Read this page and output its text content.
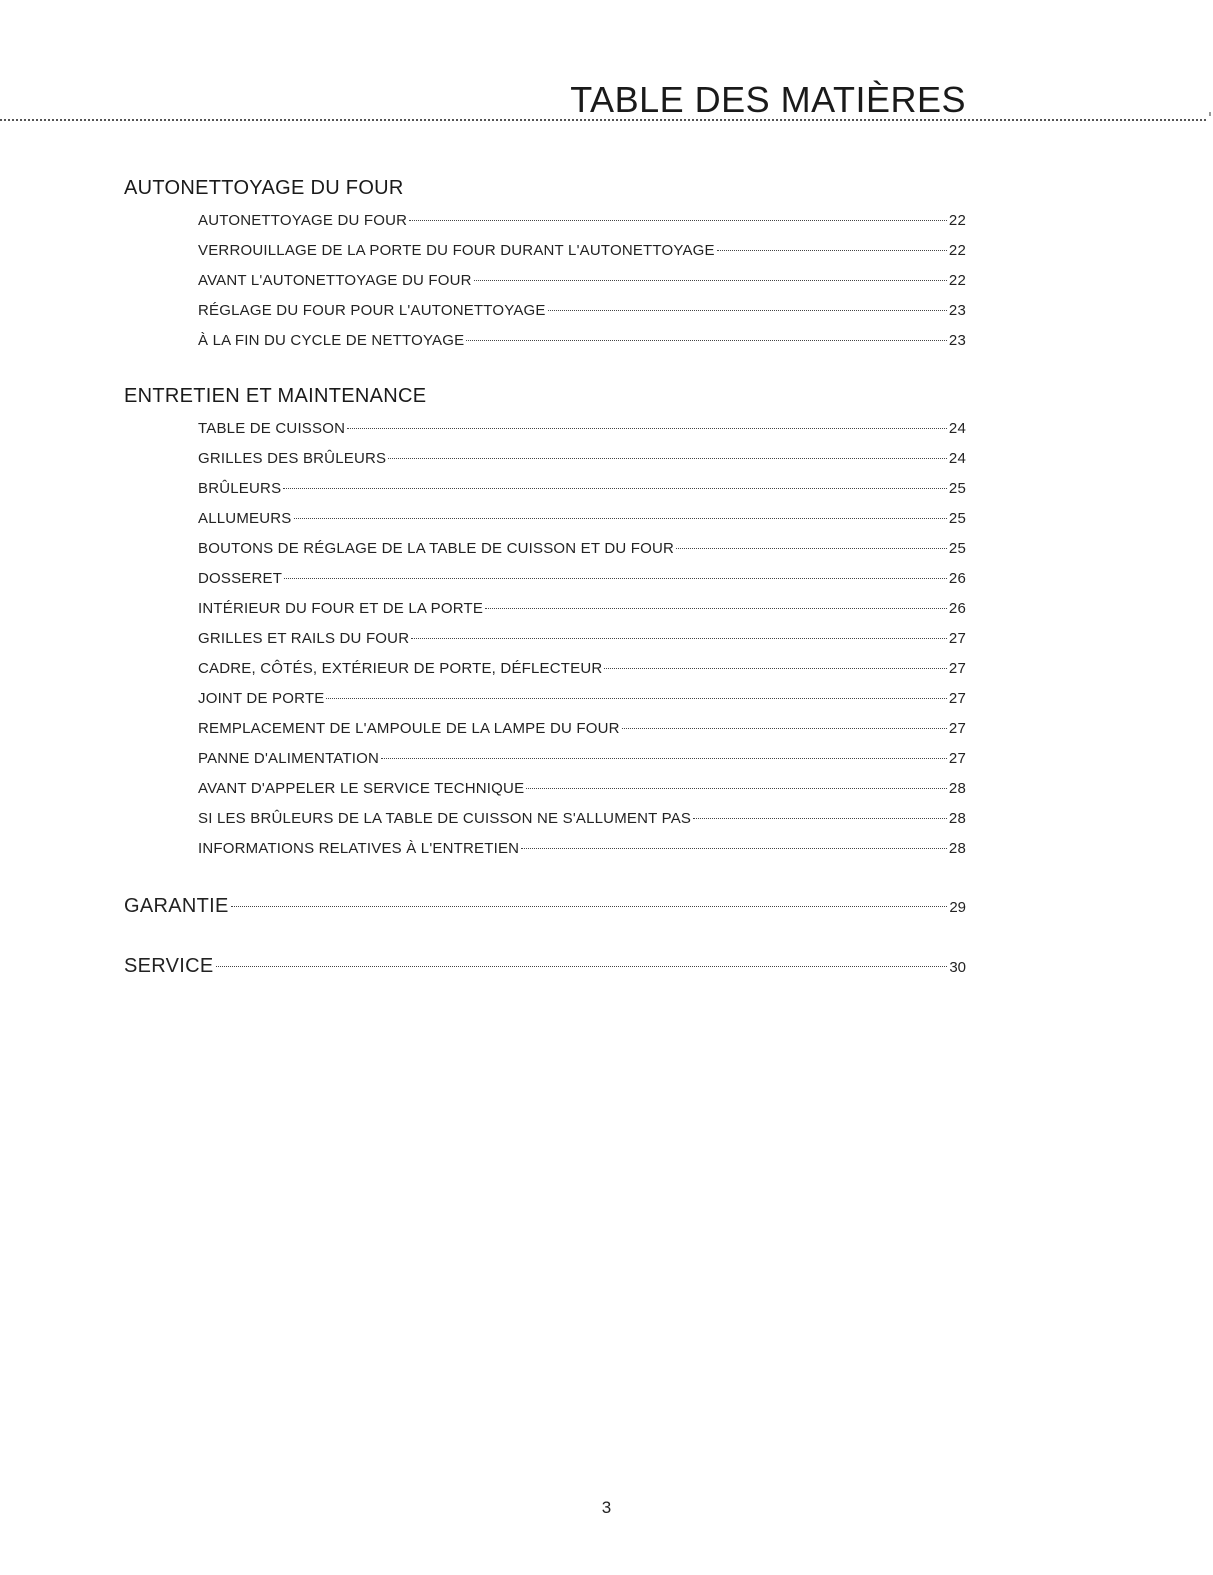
TABLE DES MATIÈRES
AUTONETTOYAGE DU FOUR
AUTONETTOYAGE DU FOUR	22
VERROUILLAGE DE LA PORTE DU FOUR DURANT L'AUTONETTOYAGE	22
AVANT L'AUTONETTOYAGE DU FOUR	22
RÉGLAGE DU FOUR POUR L'AUTONETTOYAGE	23
À LA FIN DU CYCLE DE NETTOYAGE	23
ENTRETIEN ET MAINTENANCE
TABLE DE CUISSON	24
GRILLES DES BRÛLEURS	24
BRÛLEURS	25
ALLUMEURS	25
BOUTONS DE RÉGLAGE DE LA TABLE DE CUISSON ET DU FOUR	25
DOSSERET	26
INTÉRIEUR DU FOUR ET DE LA PORTE	26
GRILLES ET RAILS DU FOUR	27
CADRE, CÔTÉS, EXTÉRIEUR DE PORTE, DÉFLECTEUR	27
JOINT DE PORTE	27
REMPLACEMENT DE L'AMPOULE DE LA LAMPE DU FOUR	27
PANNE D'ALIMENTATION	27
AVANT D'APPELER LE SERVICE TECHNIQUE	28
SI LES BRÛLEURS DE LA TABLE DE CUISSON NE S'ALLUMENT PAS	28
INFORMATIONS RELATIVES À L'ENTRETIEN	28
GARANTIE	29
SERVICE	30
3
